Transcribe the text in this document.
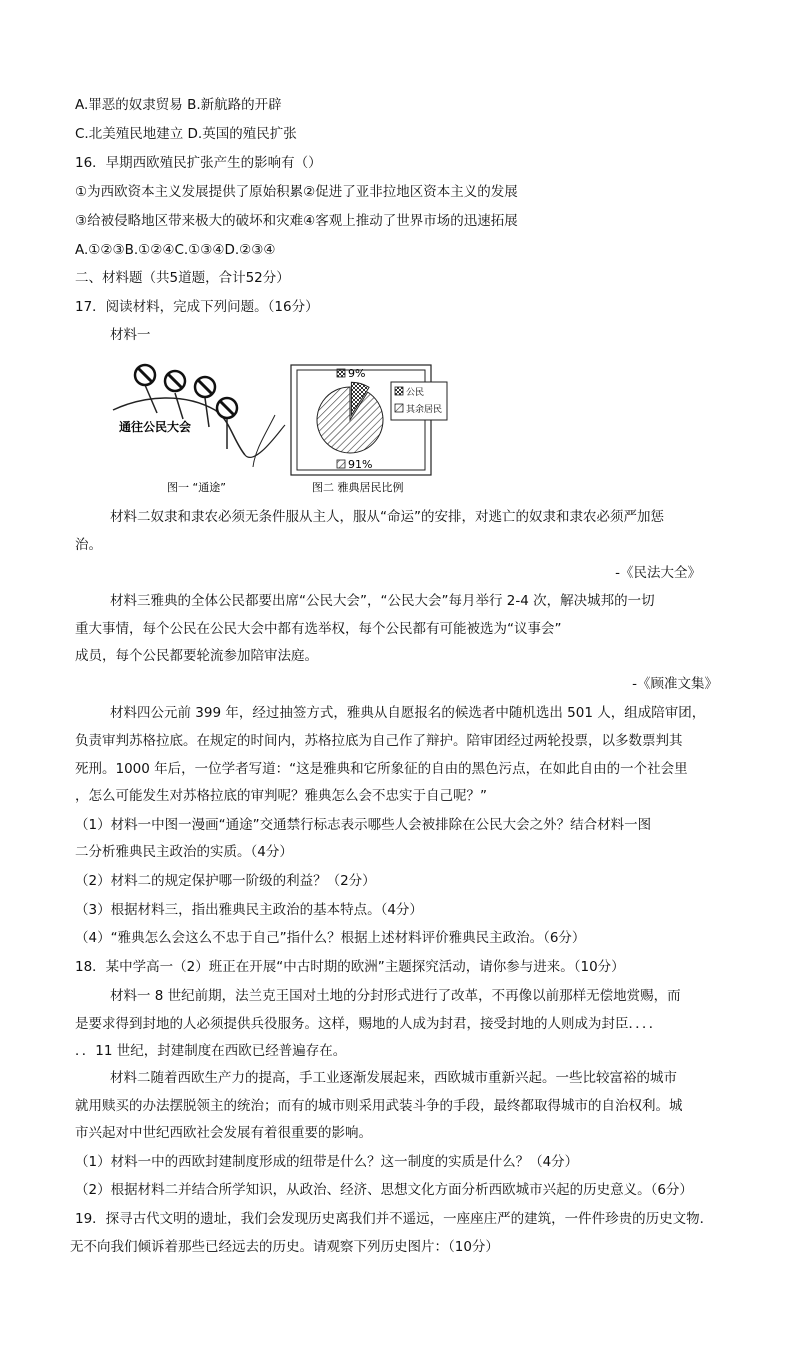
A.罪恶的奴隶贸易 B.新航路的开辟
C.北美殖民地建立 D.英国的殖民扩张
16．早期西欧殖民扩张产生的影响有（）
①为西欧资本主义发展提供了原始积累②促进了亚非拉地区资本主义的发展
③给被侵略地区带来极大的破坏和灾难④客观上推动了世界市场的迅速拓展
A.①②③B.①②④C.①③④D.②③④
二、材料题（共5道题，合计52分）
17．阅读材料，完成下列问题。（16分）
材料一
通往公民大会
图一 “通途”
9%
91%
公民
其余居民
图二 雅典居民比例
材料二奴隶和隶农必须无条件服从主人，服从“命运”的安排，对逃亡的奴隶和隶农必须严加惩
治。
-《民法大全》
材料三雅典的全体公民都要出席“公民大会”，“公民大会”每月举行 2-4 次，解决城邦的一切
重大事情，每个公民在公民大会中都有选举权，每个公民都有可能被选为“议事会”
成员，每个公民都要轮流参加陪审法庭。
-《顾准文集》
材料四公元前 399 年，经过抽签方式，雅典从自愿报名的候选者中随机选出 501 人，组成陪审团，
负责审判苏格拉底。在规定的时间内，苏格拉底为自己作了辩护。陪审团经过两轮投票，以多数票判其
死刑。1000 年后，一位学者写道：“这是雅典和它所象征的自由的黑色污点，在如此自由的一个社会里
，怎么可能发生对苏格拉底的审判呢？雅典怎么会不忠实于自己呢？”
（1）材料一中图一漫画“通途”交通禁行标志表示哪些人会被排除在公民大会之外？结合材料一图
二分析雅典民主政治的实质。（4分）
（2）材料二的规定保护哪一阶级的利益？（2分）
（3）根据材料三，指出雅典民主政治的基本特点。（4分）
（4）“雅典怎么会这么不忠于自己”指什么？根据上述材料评价雅典民主政治。（6分）
18．某中学高一（2）班正在开展“中古时期的欧洲”主题探究活动，请你参与进来。（10分）
材料一 8 世纪前期，法兰克王国对土地的分封形式进行了改革，不再像以前那样无偿地赏赐，而
是要求得到封地的人必须提供兵役服务。这样，赐地的人成为封君，接受封地的人则成为封臣．．．．
．．11 世纪，封建制度在西欧已经普遍存在。
材料二随着西欧生产力的提高，手工业逐渐发展起来，西欧城市重新兴起。一些比较富裕的城市
就用赎买的办法摆脱领主的统治；而有的城市则采用武装斗争的手段，最终都取得城市的自治权利。城
市兴起对中世纪西欧社会发展有着很重要的影响。
（1）材料一中的西欧封建制度形成的纽带是什么？这一制度的实质是什么？（4分）
（2）根据材料二并结合所学知识，从政治、经济、思想文化方面分析西欧城市兴起的历史意义。（6分）
19．探寻古代文明的遗址，我们会发现历史离我们并不遥远，一座座庄严的建筑，一件件珍贵的历史文物．
无不向我们倾诉着那些已经远去的历史。请观察下列历史图片：（10分）
